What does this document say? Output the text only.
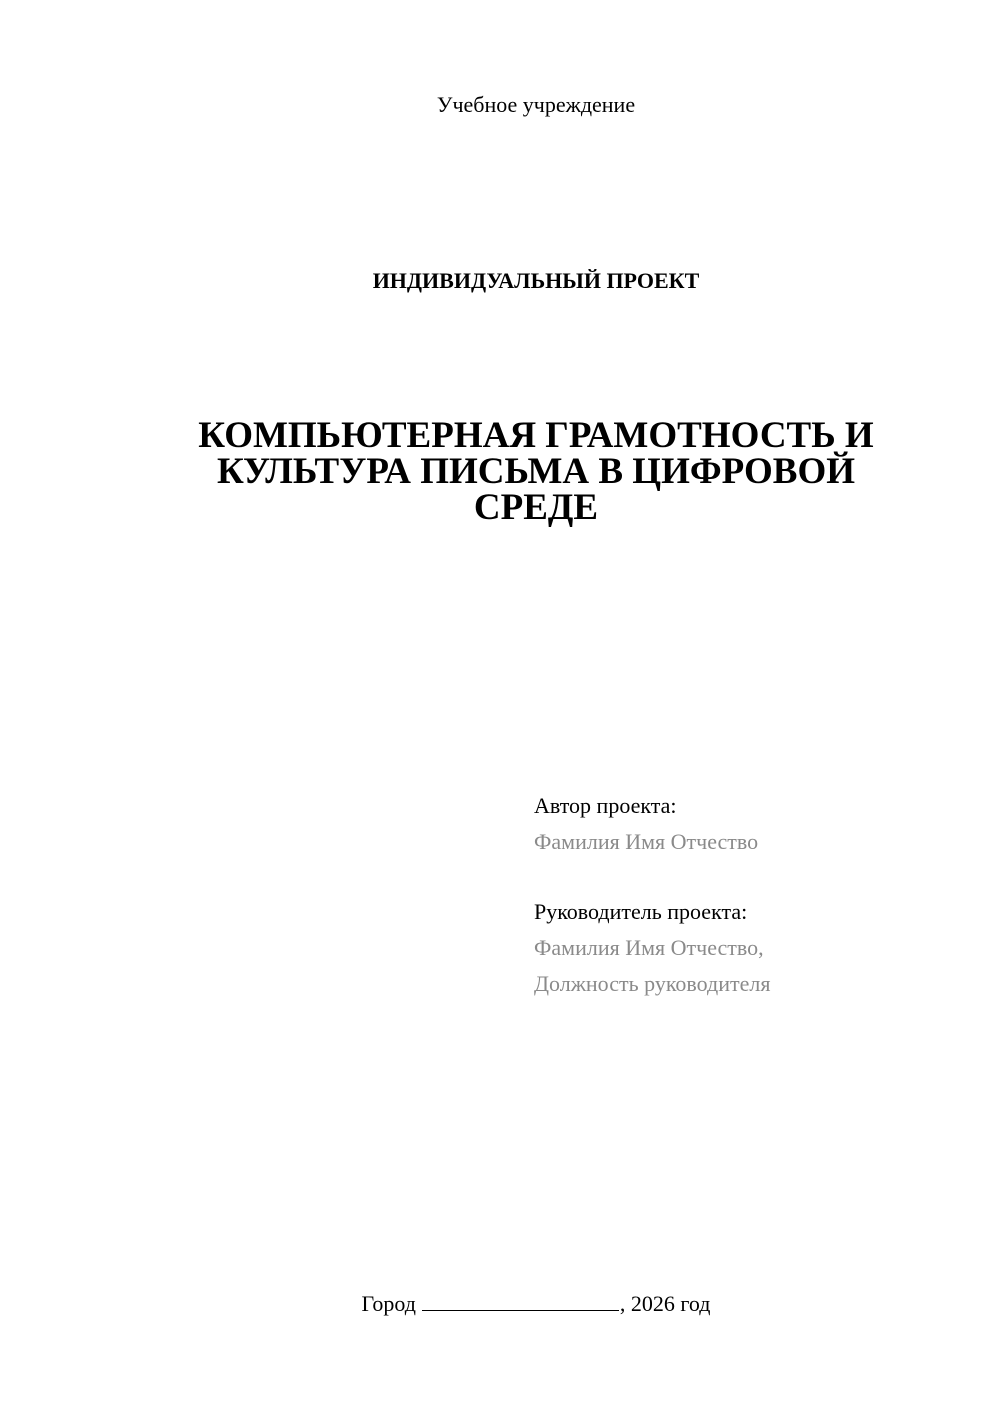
Учебное учреждение
ИНДИВИДУАЛЬНЫЙ ПРОЕКТ
КОМПЬЮТЕРНАЯ ГРАМОТНОСТЬ И
КУЛЬТУРА ПИСЬМА В ЦИФРОВОЙ
СРЕДЕ
Автор проекта:
Фамилия Имя Отчество
Руководитель проекта:
Фамилия Имя Отчество,
Должность руководителя
Город	, 2026 год
